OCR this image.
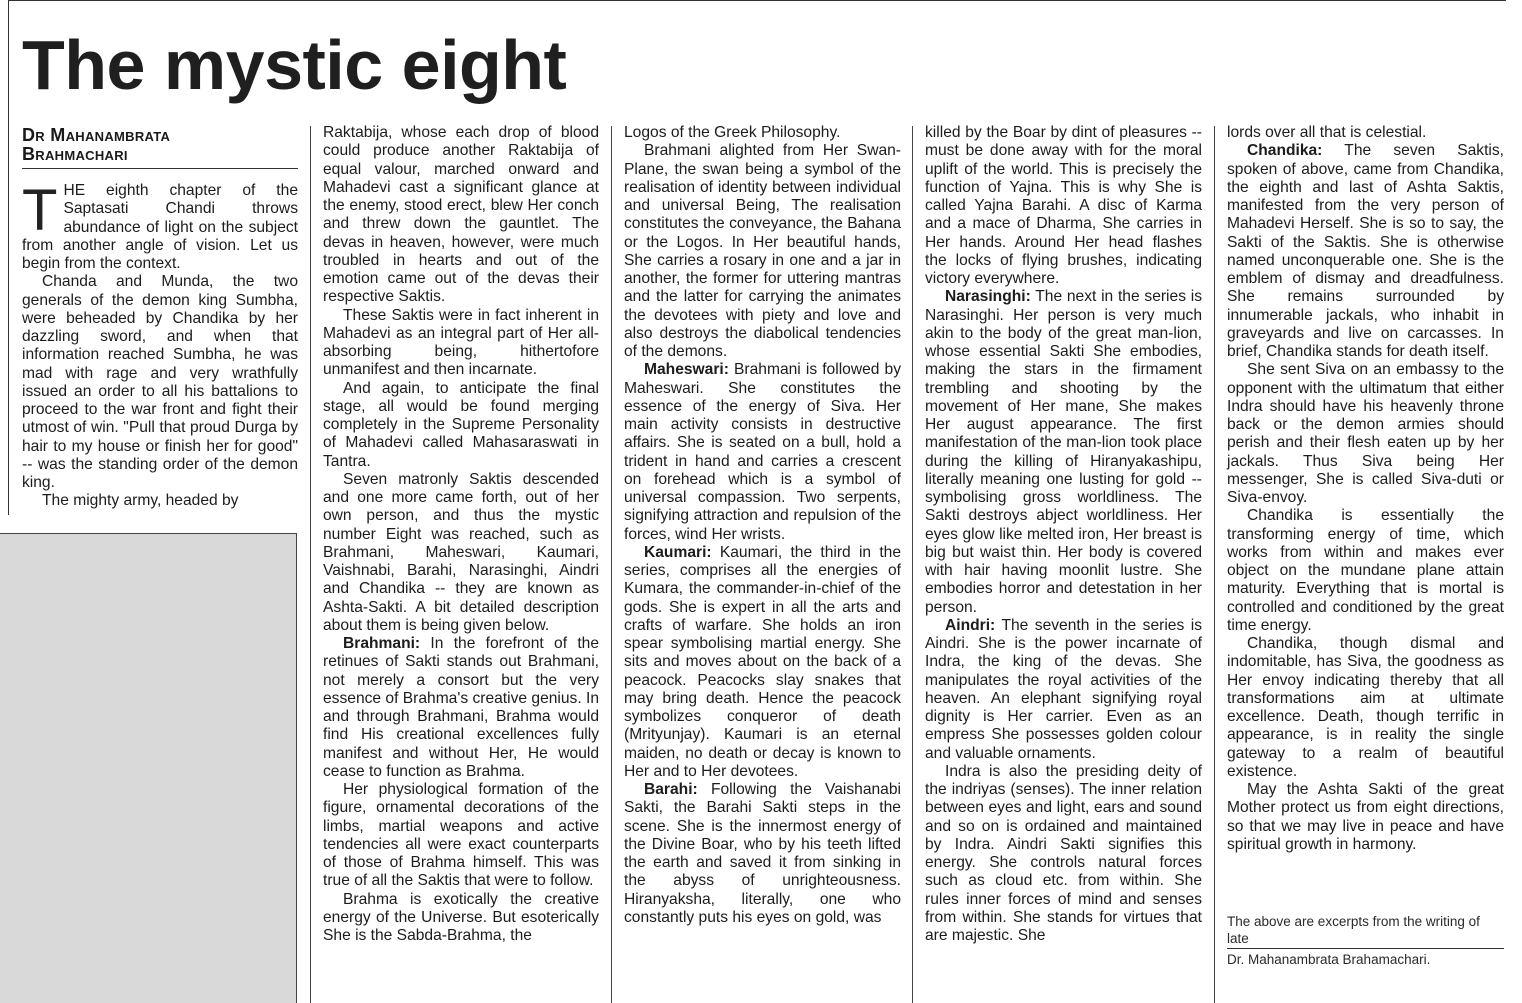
The mystic eight
Dr Mahanambrata
Brahmachari

THE eighth chapter of the Saptasati Chandi throws abundance of light on the subject from another angle of vision. Let us begin from the context.

Chanda and Munda, the two generals of the demon king Sumbha, were beheaded by Chandika by her dazzling sword, and when that information reached Sumbha, he was mad with rage and very wrathfully issued an order to all his battalions to proceed to the war front and fight their utmost of win. "Pull that proud Durga by hair to my house or finish her for good" -- was the standing order of the demon king.

The mighty army, headed by

Raktabija, whose each drop of blood could produce another Raktabija of equal valour, marched onward and Mahadevi cast a significant glance at the enemy, stood erect, blew Her conch and threw down the gauntlet. The devas in heaven, however, were much troubled in hearts and out of the emotion came out of the devas their respective Saktis.

These Saktis were in fact inherent in Mahadevi as an integral part of Her all-absorbing being, hithertofore unmanifest and then incarnate.

And again, to anticipate the final stage, all would be found merging completely in the Supreme Personality of Mahadevi called Mahasaraswati in Tantra.

Seven matronly Saktis descended and one more came forth, out of her own person, and thus the mystic number Eight was reached, such as Brahmani, Maheswari, Kaumari, Vaishnabi, Barahi, Narasinghi, Aindri and Chandika -- they are known as Ashta-Sakti. A bit detailed description about them is being given below.

Brahmani: In the forefront of the retinues of Sakti stands out Brahmani, not merely a consort but the very essence of Brahma's creative genius. In and through Brahmani, Brahma would find His creational excellences fully manifest and without Her, He would cease to function as Brahma.

Her physiological formation of the figure, ornamental decorations of the limbs, martial weapons and active tendencies all were exact counterparts of those of Brahma himself. This was true of all the Saktis that were to follow.

Brahma is exotically the creative energy of the Universe. But esoterically She is the Sabda-Brahma, the

Logos of the Greek Philosophy.

Brahmani alighted from Her Swan-Plane, the swan being a symbol of the realisation of identity between individual and universal Being, The realisation constitutes the conveyance, the Bahana or the Logos. In Her beautiful hands, She carries a rosary in one and a jar in another, the former for uttering mantras and the latter for carrying the animates the devotees with piety and love and also destroys the diabolical tendencies of the demons.

Maheswari: Brahmani is followed by Maheswari. She constitutes the essence of the energy of Siva. Her main activity consists in destructive affairs. She is seated on a bull, hold a trident in hand and carries a crescent on forehead which is a symbol of universal compassion. Two serpents, signifying attraction and repulsion of the forces, wind Her wrists.

Kaumari: Kaumari, the third in the series, comprises all the energies of Kumara, the commander-in-chief of the gods. She is expert in all the arts and crafts of warfare. She holds an iron spear symbolising martial energy. She sits and moves about on the back of a peacock. Peacocks slay snakes that may bring death. Hence the peacock symbolizes conqueror of death (Mrityunjay). Kaumari is an eternal maiden, no death or decay is known to Her and to Her devotees.

Barahi: Following the Vaishanabi Sakti, the Barahi Sakti steps in the scene. She is the innermost energy of the Divine Boar, who by his teeth lifted the earth and saved it from sinking in the abyss of unrighteousness. Hiranyaksha, literally, one who constantly puts his eyes on gold, was

killed by the Boar by dint of pleasures -- must be done away with for the moral uplift of the world. This is precisely the function of Yajna. This is why She is called Yajna Barahi. A disc of Karma and a mace of Dharma, She carries in Her hands. Around Her head flashes the locks of flying brushes, indicating victory everywhere.

Narasinghi: The next in the series is Narasinghi. Her person is very much akin to the body of the great man-lion, whose essential Sakti She embodies, making the stars in the firmament trembling and shooting by the movement of Her mane, She makes Her august appearance. The first manifestation of the man-lion took place during the killing of Hiranyakashipu, literally meaning one lusting for gold -- symbolising gross worldliness. The Sakti destroys abject worldliness. Her eyes glow like melted iron, Her breast is big but waist thin. Her body is covered with hair having moonlit lustre. She embodies horror and detestation in her person.

Aindri: The seventh in the series is Aindri. She is the power incarnate of Indra, the king of the devas. She manipulates the royal activities of the heaven. An elephant signifying royal dignity is Her carrier. Even as an empress She possesses golden colour and valuable ornaments.

Indra is also the presiding deity of the indriyas (senses). The inner relation between eyes and light, ears and sound and so on is ordained and maintained by Indra. Aindri Sakti signifies this energy. She controls natural forces such as cloud etc. from within. She rules inner forces of mind and senses from within. She stands for virtues that are majestic. She

lords over all that is celestial.

Chandika: The seven Saktis, spoken of above, came from Chandika, the eighth and last of Ashta Saktis, manifested from the very person of Mahadevi Herself. She is so to say, the Sakti of the Saktis. She is otherwise named unconquerable one. She is the emblem of dismay and dreadfulness. She remains surrounded by innumerable jackals, who inhabit in graveyards and live on carcasses. In brief, Chandika stands for death itself.

She sent Siva on an embassy to the opponent with the ultimatum that either Indra should have his heavenly throne back or the demon armies should perish and their flesh eaten up by her jackals. Thus Siva being Her messenger, She is called Siva-duti or Siva-envoy.

Chandika is essentially the transforming energy of time, which works from within and makes ever object on the mundane plane attain maturity. Everything that is mortal is controlled and conditioned by the great time energy.

Chandika, though dismal and indomitable, has Siva, the goodness as Her envoy indicating thereby that all transformations aim at ultimate excellence. Death, though terrific in appearance, is in reality the single gateway to a realm of beautiful existence.

May the Ashta Sakti of the great Mother protect us from eight directions, so that we may live in peace and have spiritual growth in harmony.

The above are excerpts from the writing of late
Dr. Mahanambrata Brahamachari.
